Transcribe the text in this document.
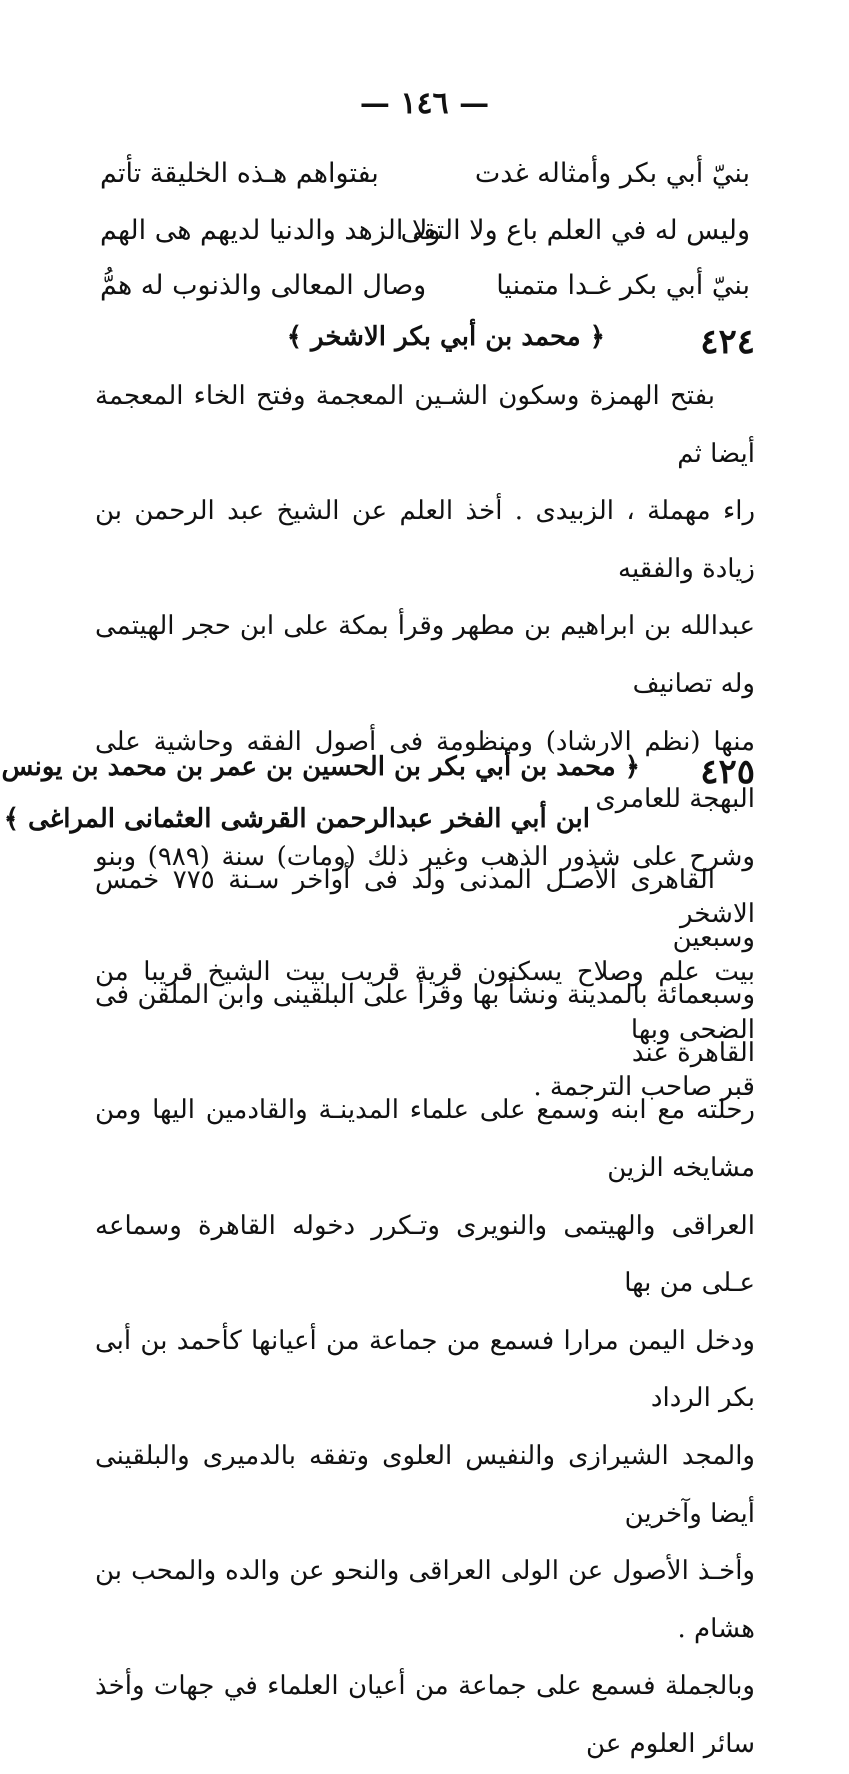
— ١٤٦ —
بنيّ أبي بكر وأمثاله غدت
بفتواهم هـذه الخليقة تأتم
وليس له في العلم باع ولا التقى
ولا الزهد والدنيا لديهم هى الهم
بنيّ أبي بكر غـدا متمنيا
وصال المعالى والذنوب له همُّ
٤٢٤
﴿ محمد بن أبي بكر الاشخر ﴾

بفتح الهمزة وسكون الشـين المعجمة وفتح الخاء المعجمة أيضا ثم

راء مهملة ، الزبيدى . أخذ العلم عن الشيخ عبد الرحمن بن زيادة والفقيه

عبدالله بن ابراهيم بن مطهر وقرأ بمكة على ابن حجر الهيتمى وله تصانيف

منها (نظم الارشاد) ومنظومة فى أصول الفقه وحاشية على البهجة للعامرى

وشرح على شذور الذهب وغير ذلك (ومات) سنة (٩٨٩) وبنو الاشخر

بيت علم وصلاح يسكنون قرية قريب بيت الشيخ قريبا من الضحى وبها

قبر صاحب الترجمة .

٤٢٥
﴿ محمد بن أبي بكر بن الحسين بن عمر بن محمد بن يونس
ابن أبي الفخر عبدالرحمن القرشى العثمانى المراغى ﴾

القاهرى الأصـل المدنى ولد فى أواخر سـنة ٧٧٥ خمس وسبعين

وسبعمائة بالمدينة ونشأ بها وقرأ على البلقينى وابن الملقن فى القاهرة عند

رحلته مع ابنه وسمع على علماء المدينـة والقادمين اليها ومن مشايخه الزين

العراقى والهيتمى والنويرى وتـكرر دخوله القاهرة وسماعه عـلى من بها

ودخل اليمن مرارا فسمع من جماعة من أعيانها كأحمد بن أبى بكر الرداد

والمجد الشيرازى والنفيس العلوى وتفقه بالدميرى والبلقينى أيضا وآخرين

وأخـذ الأصول عن الولى العراقى والنحو عن والده والمحب بن هشام .

وبالجملة فسمع على جماعة من أعيان العلماء في جهات وأخذ سائر العلوم عن
